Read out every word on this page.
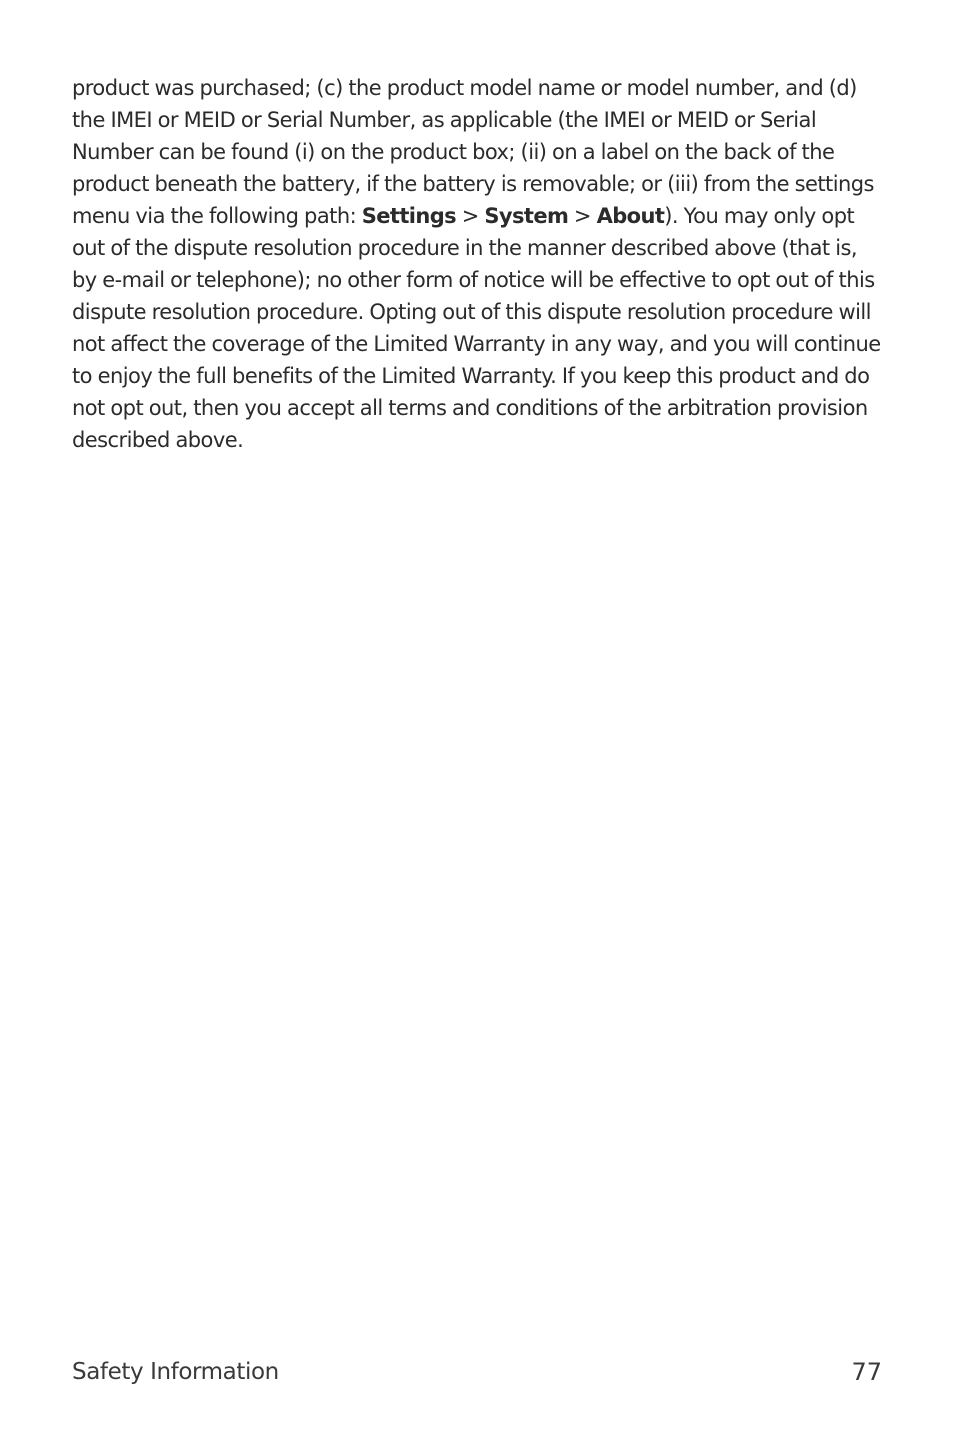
product was purchased; (c) the product model name or model number, and (d) the IMEI or MEID or Serial Number, as applicable (the IMEI or MEID or Serial Number can be found (i) on the product box; (ii) on a label on the back of the product beneath the battery, if the battery is removable; or (iii) from the settings menu via the following path: Settings > System > About). You may only opt out of the dispute resolution procedure in the manner described above (that is, by e-mail or telephone); no other form of notice will be effective to opt out of this dispute resolution procedure. Opting out of this dispute resolution procedure will not affect the coverage of the Limited Warranty in any way, and you will continue to enjoy the full benefits of the Limited Warranty. If you keep this product and do not opt out, then you accept all terms and conditions of the arbitration provision described above.

Safety Information	77
